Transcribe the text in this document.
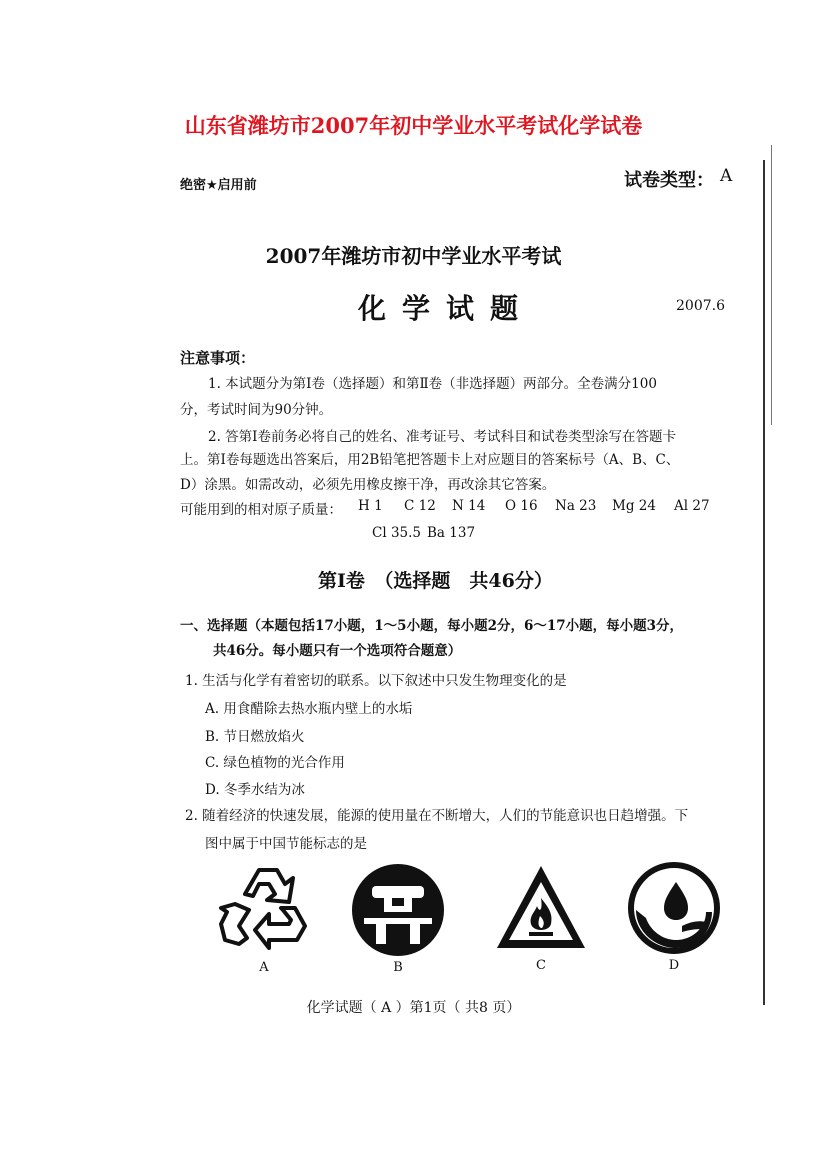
山东省潍坊市2007年初中学业水平考试化学试卷
绝密★启用前	试卷类型： A
2007年潍坊市初中学业水平考试
化学试题	2007.6
注意事项：
1. 本试题分为第Ⅰ卷（选择题）和第Ⅱ卷（非选择题）两部分。全卷满分100
分，考试时间为90分钟。
2. 答第Ⅰ卷前务必将自己的姓名、准考证号、考试科目和试卷类型涂写在答题卡
上。第Ⅰ卷每题选出答案后，用2B铅笔把答题卡上对应题目的答案标号（A、B、C、
D）涂黑。如需改动，必须先用橡皮擦干净，再改涂其它答案。
可能用到的相对原子质量： H 1 C 12 N 14 O 16 Na 23 Mg 24 Al 27
Cl 35.5 Ba 137
第Ⅰ卷　（选择题　共46分）
一、选择题（本题包括17小题，1～5小题，每小题2分，6～17小题，每小题3分，
共46分。每小题只有一个选项符合题意）
1. 生活与化学有着密切的联系。以下叙述中只发生物理变化的是
A. 用食醋除去热水瓶内壁上的水垢
B. 节日燃放焰火
C. 绿色植物的光合作用
D. 冬季水结为冰
2. 随着经济的快速发展，能源的使用量在不断增大，人们的节能意识也日趋增强。下
图中属于中国节能标志的是
A	B	C	D
化学试题（ A ）第1页（ 共8 页）
